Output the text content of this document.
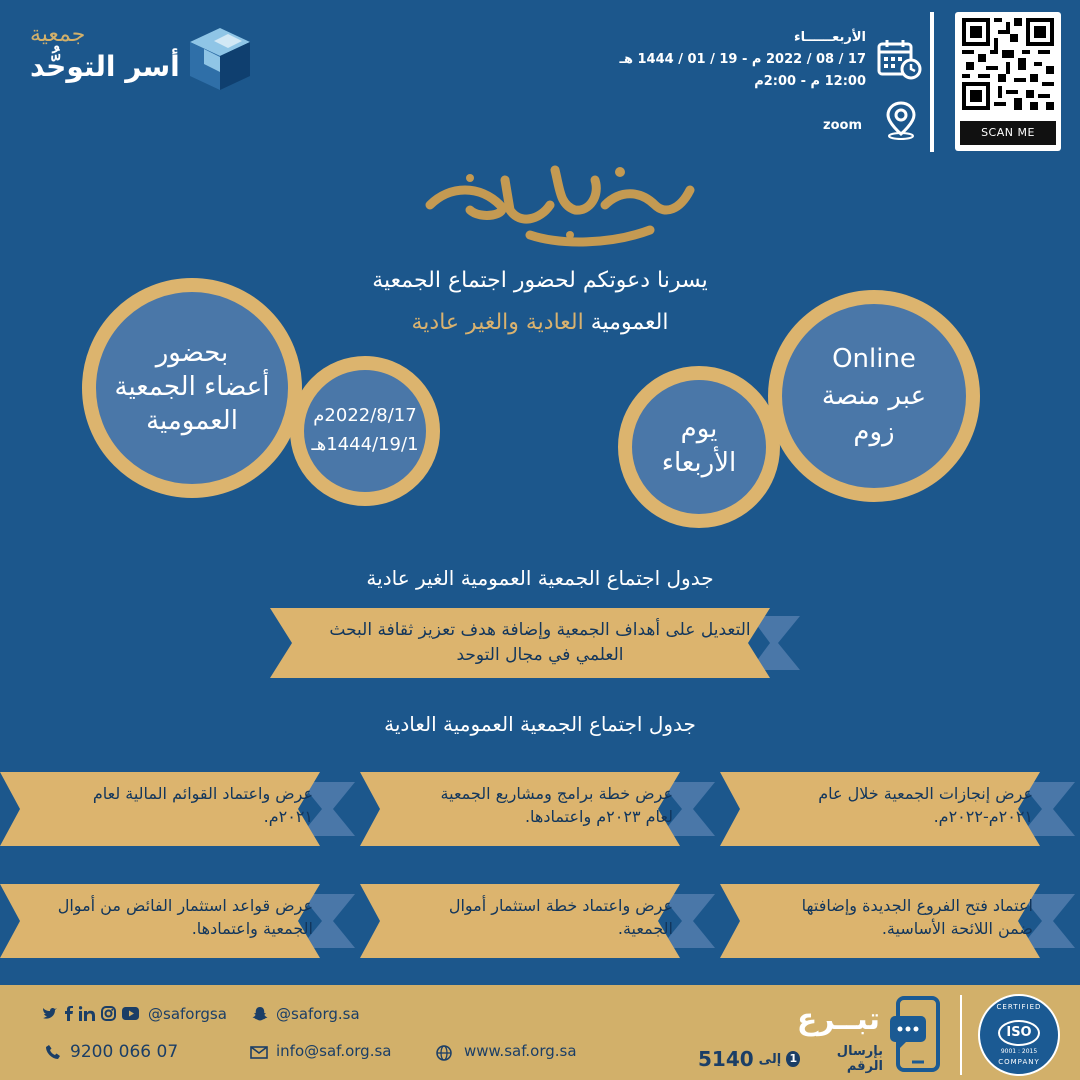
SCAN ME
الأربعــــــاء
17 / 08 / 2022 م - 19 / 01 / 1444 هـ
12:00 م - 2:00م
zoom
جمعية
أسر التوحُّد
يسرنا دعوتكم لحضور اجتماع الجمعية
العمومية العادية والغير عادية
بحضور
أعضاء الجمعية
العمومية	2022/8/17م
1444/19/1هـ
يوم
الأربعاء
Online
عبر منصة
زوم
جدول اجتماع الجمعية العمومية الغير عادية
التعديل على أهداف الجمعية وإضافة هدف تعزيز ثقافة البحث العلمي في مجال التوحد
جدول اجتماع الجمعية العمومية العادية
عرض إنجازات الجمعية خلال عام ٢٠٢١م-٢٠٢٢م.
عرض خطة برامج ومشاريع الجمعية لعام ٢٠٢٣م واعتمادها.
عرض واعتماد القوائم المالية لعام ٢٠٢١م.
اعتماد فتح الفروع الجديدة وإضافتها ضمن اللائحة الأساسية.
عرض واعتماد خطة استثمار أموال الجمعية.
عرض قواعد استثمار الفائض من أموال الجمعية واعتمادها.
@saforgsa	@saforg.sa
9200 066 07	info@saf.org.sa	www.saf.org.sa
تبــرع
بإرسال الرقم
1
إلى
5140
CERTIFIED
ISO
9001 : 2015
COMPANY
